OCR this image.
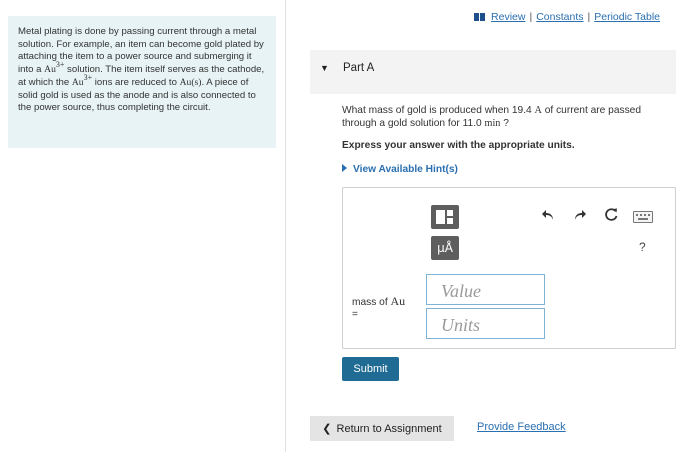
Metal plating is done by passing current through a metal solution. For example, an item can become gold plated by attaching the item to a power source and submerging it into a $Au^{3+}$ solution. The item itself serves as the cathode, at which the $Au^{3+}$ ions are reduced to Au(s). A piece of solid gold is used as the anode and is also connected to the power source, thus completing the circuit.
Review | Constants | Periodic Table
▼ Part A
What mass of gold is produced when 19.4 A of current are passed through a gold solution for 11.0 min ?
Express your answer with the appropriate units.
View Available Hint(s)
μÅ	?
mass of Au
=
Value
Units
Submit
❮ Return to Assignment	Provide Feedback
